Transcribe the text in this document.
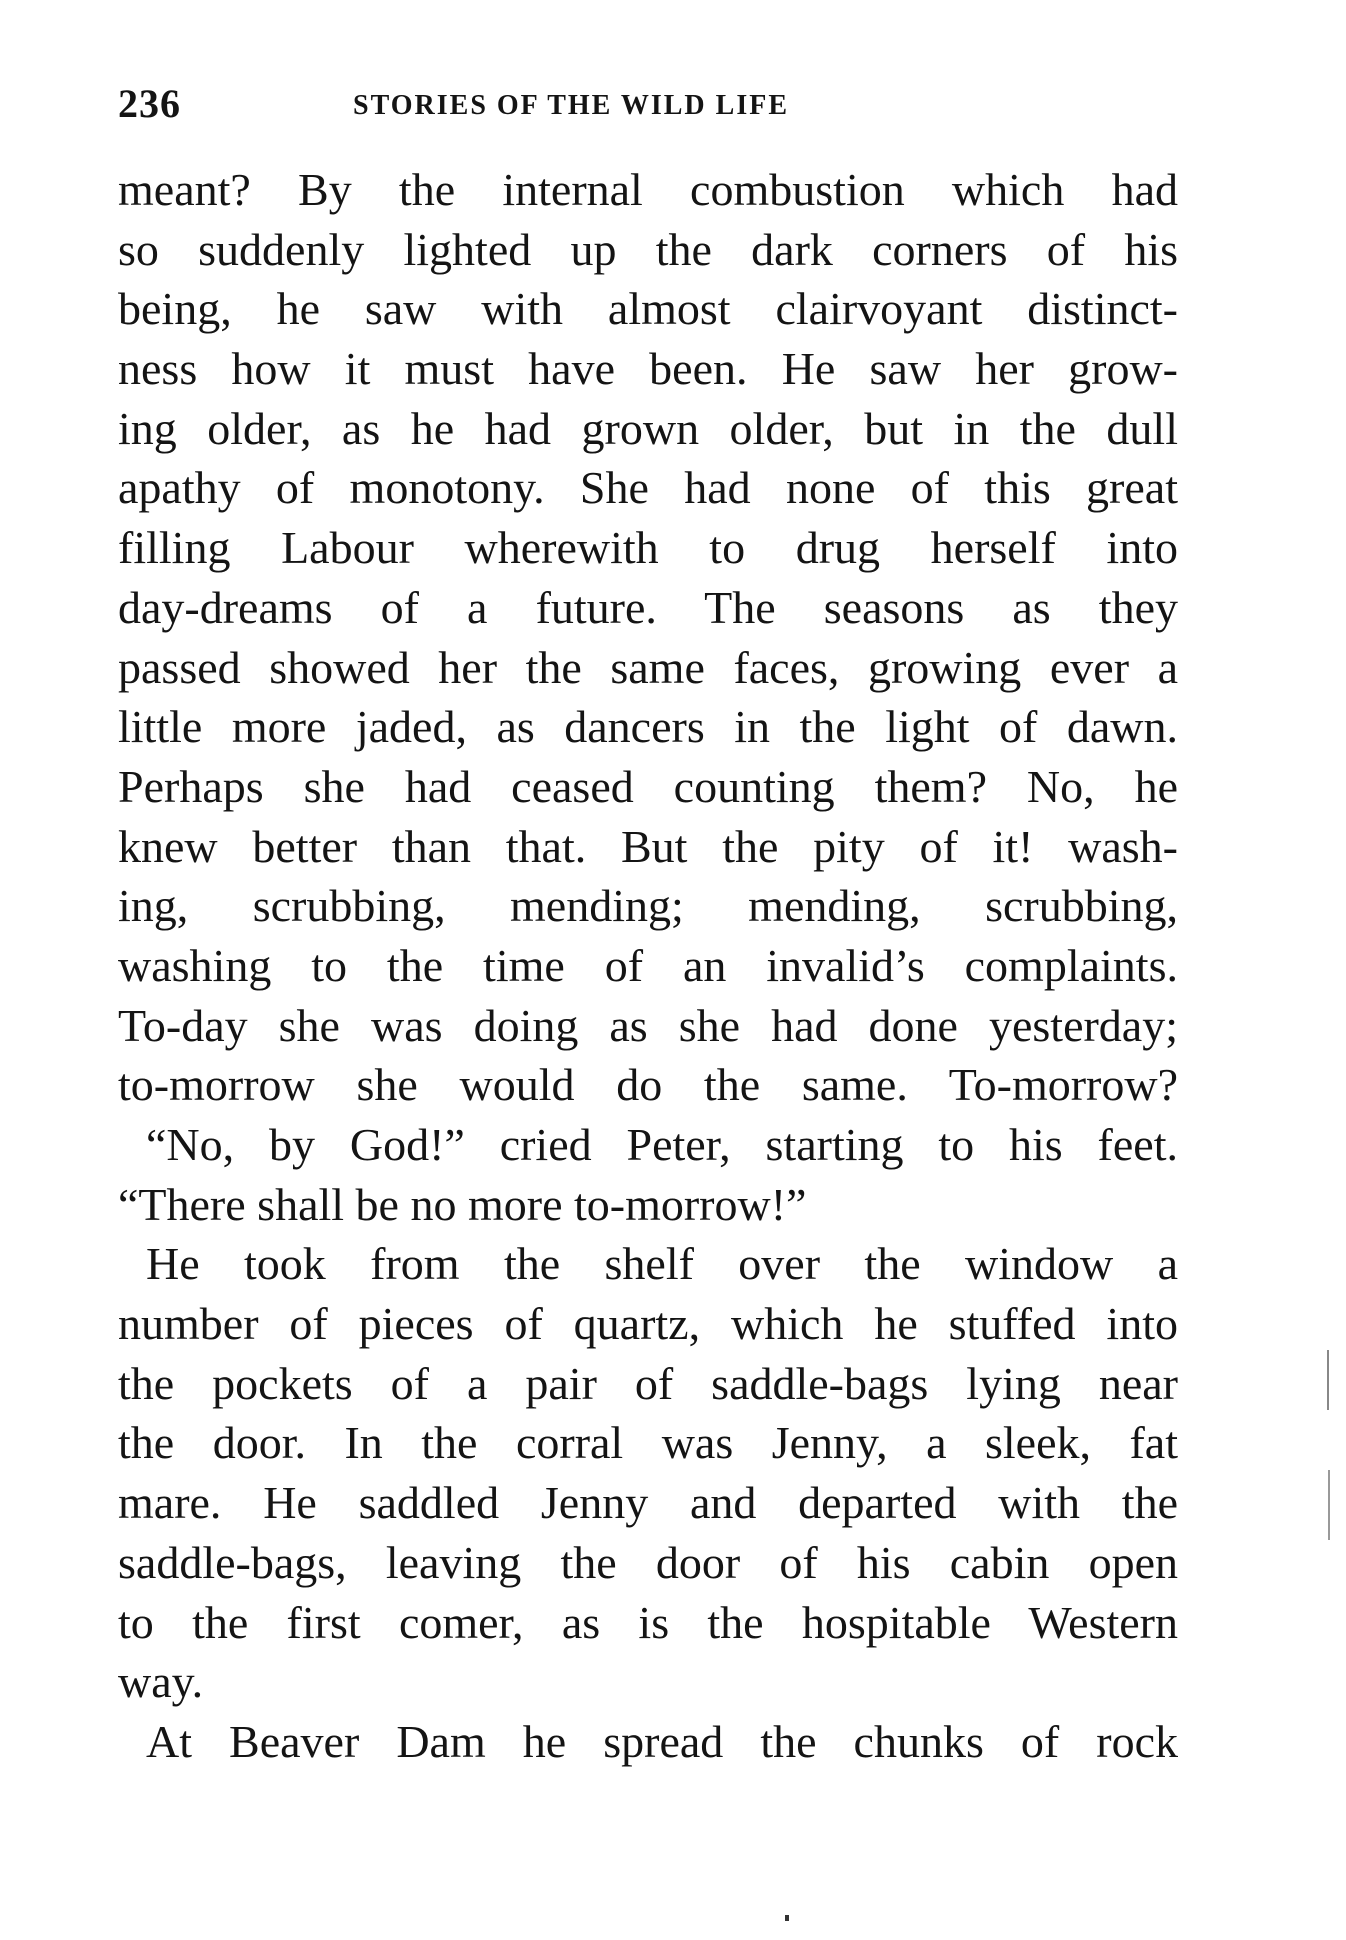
236	STORIES OF THE WILD LIFE
meant? By the internal combustion which had
so suddenly lighted up the dark corners of his
being, he saw with almost clairvoyant distinct-
ness how it must have been. He saw her grow-
ing older, as he had grown older, but in the dull
apathy of monotony. She had none of this great
filling Labour wherewith to drug herself into
day-dreams of a future. The seasons as they
passed showed her the same faces, growing ever a
little more jaded, as dancers in the light of dawn.
Perhaps she had ceased counting them? No, he
knew better than that. But the pity of it! wash-
ing, scrubbing, mending; mending, scrubbing,
washing to the time of an invalid’s complaints.
To-day she was doing as she had done yesterday;
to-morrow she would do the same. To-morrow?
“No, by God!” cried Peter, starting to his feet.
“There shall be no more to-morrow!”
He took from the shelf over the window a
number of pieces of quartz, which he stuffed into
the pockets of a pair of saddle-bags lying near
the door. In the corral was Jenny, a sleek, fat
mare. He saddled Jenny and departed with the
saddle-bags, leaving the door of his cabin open
to the first comer, as is the hospitable Western
way.
At Beaver Dam he spread the chunks of rock
